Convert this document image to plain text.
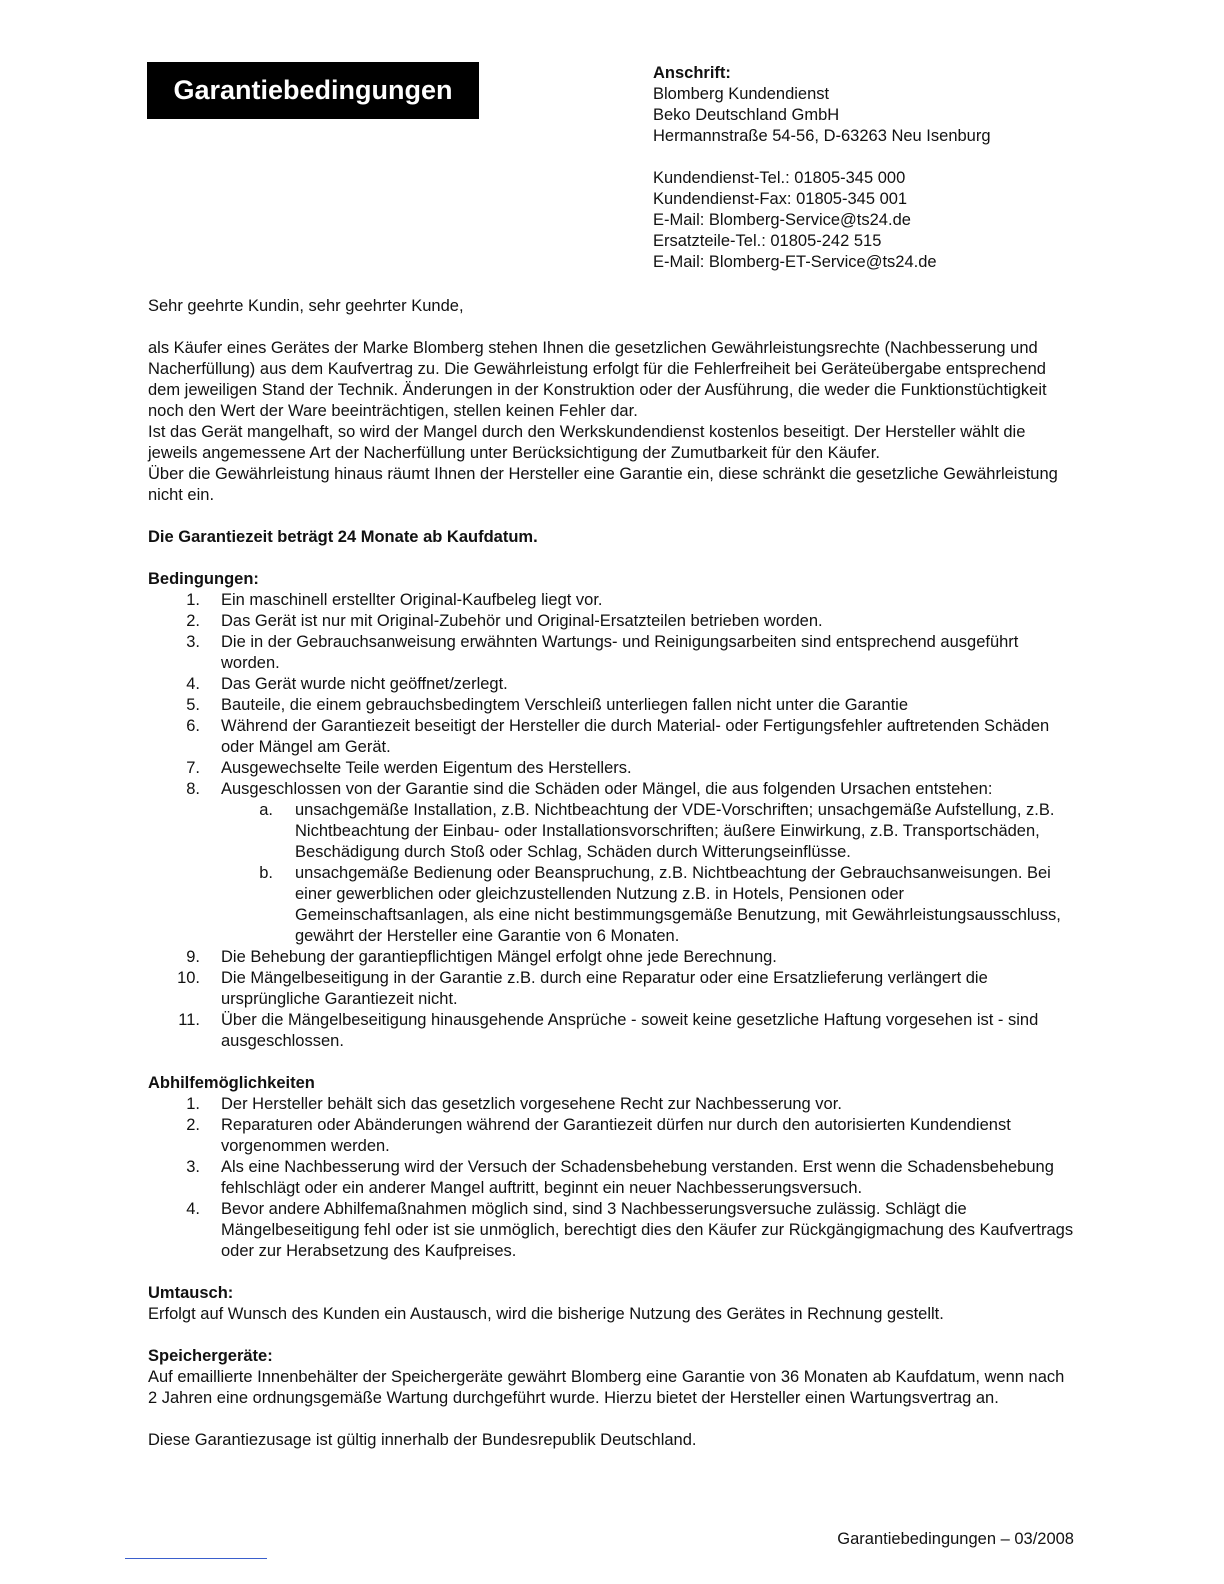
Garantiebedingungen
Anschrift:
Blomberg Kundendienst
Beko Deutschland GmbH
Hermannstraße 54-56, D-63263 Neu Isenburg
Kundendienst-Tel.: 01805-345 000
Kundendienst-Fax: 01805-345 001
E-Mail: Blomberg-Service@ts24.de
Ersatzteile-Tel.: 01805-242 515
E-Mail: Blomberg-ET-Service@ts24.de

Sehr geehrte Kundin, sehr geehrter Kunde,

als Käufer eines Gerätes der Marke Blomberg stehen Ihnen die gesetzlichen Gewährleistungsrechte (Nachbesserung und Nacherfüllung) aus dem Kaufvertrag zu. Die Gewährleistung erfolgt für die Fehlerfreiheit bei Geräteübergabe entsprechend dem jeweiligen Stand der Technik. Änderungen in der Konstruktion oder der Ausführung, die weder die Funktionstüchtigkeit noch den Wert der Ware beeinträchtigen, stellen keinen Fehler dar.

Ist das Gerät mangelhaft, so wird der Mangel durch den Werkskundendienst kostenlos beseitigt. Der Hersteller wählt die jeweils angemessene Art der Nacherfüllung unter Berücksichtigung der Zumutbarkeit für den Käufer.

Über die Gewährleistung hinaus räumt Ihnen der Hersteller eine Garantie ein, diese schränkt die gesetzliche Gewährleistung nicht ein.

Die Garantiezeit beträgt 24 Monate ab Kaufdatum.

Bedingungen:

1. Ein maschinell erstellter Original-Kaufbeleg liegt vor.
2. Das Gerät ist nur mit Original-Zubehör und Original-Ersatzteilen betrieben worden.
3. Die in der Gebrauchsanweisung erwähnten Wartungs- und Reinigungsarbeiten sind entsprechend ausgeführt worden.
4. Das Gerät wurde nicht geöffnet/zerlegt.
5. Bauteile, die einem gebrauchsbedingtem Verschleiß unterliegen fallen nicht unter die Garantie
6. Während der Garantiezeit beseitigt der Hersteller die durch Material- oder Fertigungsfehler auftretenden Schäden oder Mängel am Gerät.
7. Ausgewechselte Teile werden Eigentum des Herstellers.
8. Ausgeschlossen von der Garantie sind die Schäden oder Mängel, die aus folgenden Ursachen entstehen:
a. unsachgemäße Installation, z.B. Nichtbeachtung der VDE-Vorschriften; unsachgemäße Aufstellung, z.B. Nichtbeachtung der Einbau- oder Installationsvorschriften; äußere Einwirkung, z.B. Transportschäden, Beschädigung durch Stoß oder Schlag, Schäden durch Witterungseinflüsse.
b. unsachgemäße Bedienung oder Beanspruchung, z.B. Nichtbeachtung der Gebrauchsanweisungen. Bei einer gewerblichen oder gleichzustellenden Nutzung z.B. in Hotels, Pensionen oder Gemeinschaftsanlagen, als eine nicht bestimmungsgemäße Benutzung, mit Gewährleistungsausschluss, gewährt der Hersteller eine Garantie von 6 Monaten.
9. Die Behebung der garantiepflichtigen Mängel erfolgt ohne jede Berechnung.
10. Die Mängelbeseitigung in der Garantie z.B. durch eine Reparatur oder eine Ersatzlieferung verlängert die ursprüngliche Garantiezeit nicht.
11. Über die Mängelbeseitigung hinausgehende Ansprüche - soweit keine gesetzliche Haftung vorgesehen ist - sind ausgeschlossen.

Abhilfemöglichkeiten

1. Der Hersteller behält sich das gesetzlich vorgesehene Recht zur Nachbesserung vor.
2. Reparaturen oder Abänderungen während der Garantiezeit dürfen nur durch den autorisierten Kundendienst vorgenommen werden.
3. Als eine Nachbesserung wird der Versuch der Schadensbehebung verstanden. Erst wenn die Schadensbehebung fehlschlägt oder ein anderer Mangel auftritt, beginnt ein neuer Nachbesserungsversuch.
4. Bevor andere Abhilfemaßnahmen möglich sind, sind 3 Nachbesserungsversuche zulässig. Schlägt die Mängelbeseitigung fehl oder ist sie unmöglich, berechtigt dies den Käufer zur Rückgängigmachung des Kaufvertrags oder zur Herabsetzung des Kaufpreises.

Umtausch:

Erfolgt auf Wunsch des Kunden ein Austausch, wird die bisherige Nutzung des Gerätes in Rechnung gestellt.

Speichergeräte:

Auf emaillierte Innenbehälter der Speichergeräte gewährt Blomberg eine Garantie von 36 Monaten ab Kaufdatum, wenn nach 2 Jahren eine ordnungsgemäße Wartung durchgeführt wurde. Hierzu bietet der Hersteller einen Wartungsvertrag an.

Diese Garantiezusage ist gültig innerhalb der Bundesrepublik Deutschland.

Garantiebedingungen – 03/2008
